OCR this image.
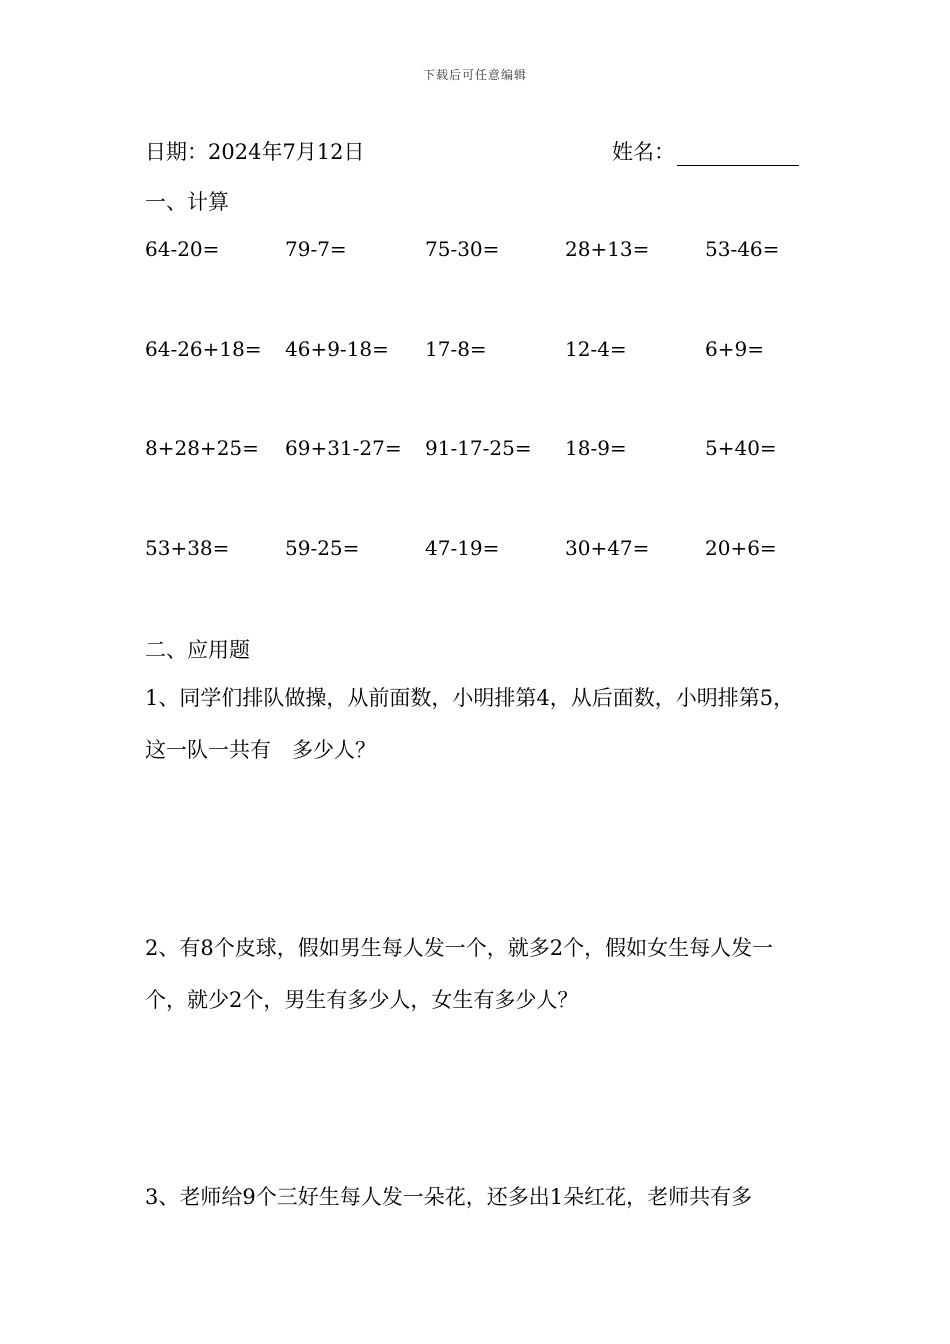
下载后可任意编辑
日期：2024年7月12日	姓名：
一、计算
64-20=	79-7=	75-30=	28+13=	53-46=
64-26+18=	46+9-18=	17-8=	12-4=	6+9=
8+28+25=	69+31-27=	91-17-25=	18-9=	5+40=
53+38=	59-25=	47-19=	30+47=	20+6=
二、应用题
1、同学们排队做操，从前面数，小明排第4，从后面数，小明排第5，这一队一共有　多少人？
2、有8个皮球，假如男生每人发一个，就多2个，假如女生每人发一个，就少2个，男生有多少人，女生有多少人？
3、老师给9个三好生每人发一朵花，还多出1朵红花，老师共有多
